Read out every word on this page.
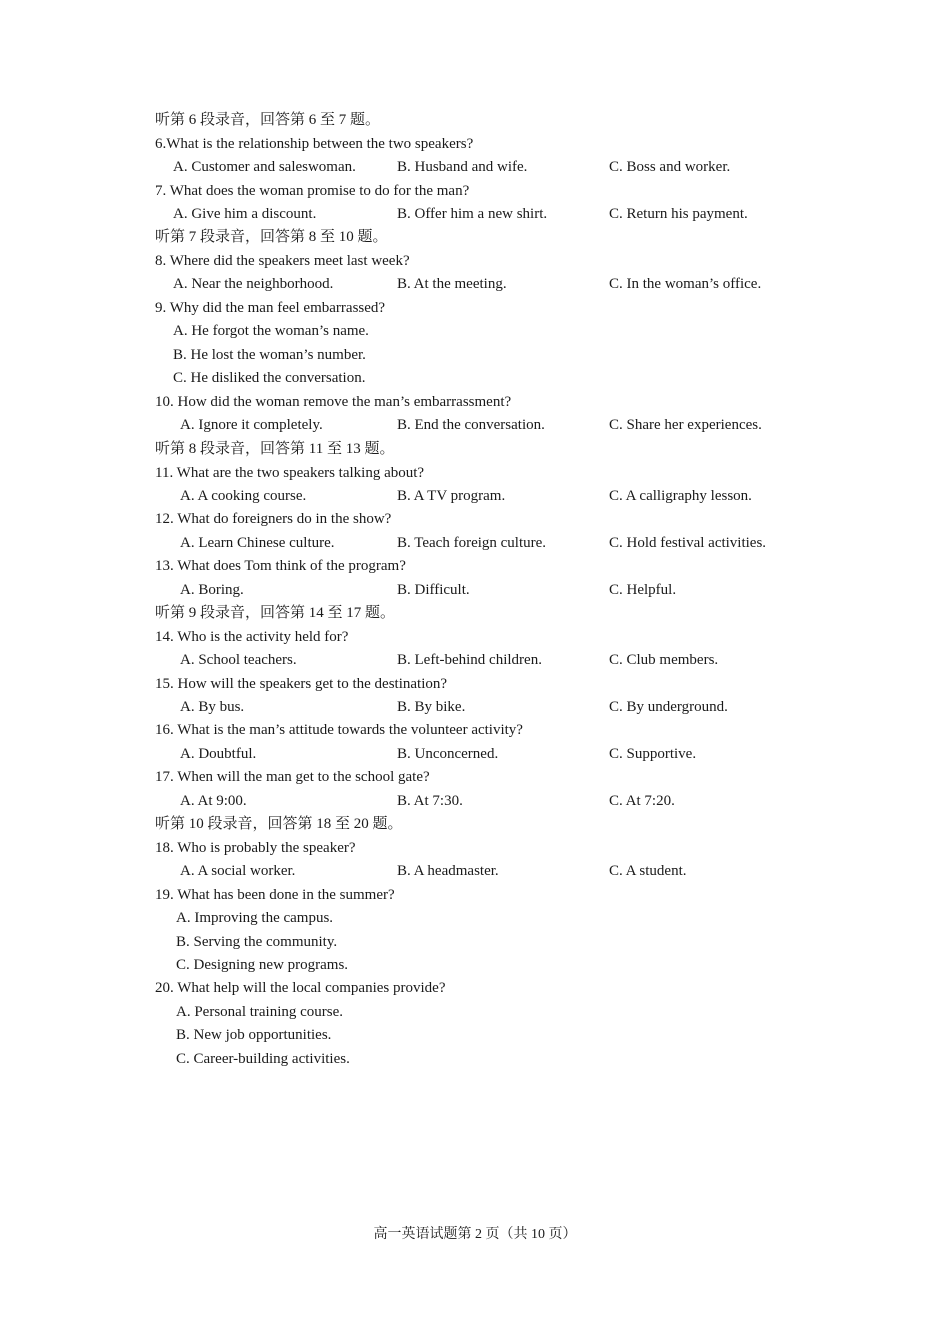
听第 6 段录音，回答第 6 至 7 题。
6.What is the relationship between the two speakers?
A. Customer and saleswoman.	B. Husband and wife.	C. Boss and worker.
7. What does the woman promise to do for the man?
A. Give him a discount.	B. Offer him a new shirt.	C. Return his payment.
听第 7 段录音，回答第 8 至 10 题。
8. Where did the speakers meet last week?
A. Near the neighborhood.	B. At the meeting.	C. In the woman’s office.
9. Why did the man feel embarrassed?
A. He forgot the woman’s name.
B. He lost the woman’s number.
C. He disliked the conversation.
10. How did the woman remove the man’s embarrassment?
A. Ignore it completely.	B. End the conversation.	C. Share her experiences.
听第 8 段录音，回答第 11 至 13 题。
11. What are the two speakers talking about?
A. A cooking course.	B. A TV program.	C. A calligraphy lesson.
12. What do foreigners do in the show?
A. Learn Chinese culture.	B. Teach foreign culture.	C. Hold festival activities.
13. What does Tom think of the program?
A. Boring.	B. Difficult.	C. Helpful.
听第 9 段录音，回答第 14 至 17 题。
14. Who is the activity held for?
A. School teachers.	B. Left-behind children.	C. Club members.
15. How will the speakers get to the destination?
A. By bus.	B. By bike.	C. By underground.
16. What is the man’s attitude towards the volunteer activity?
A. Doubtful.	B. Unconcerned.	C. Supportive.
17. When will the man get to the school gate?
A. At 9:00.	B. At 7:30.	C. At 7:20.
听第 10 段录音，回答第 18 至 20 题。
18. Who is probably the speaker?
A. A social worker.	B. A headmaster.	C. A student.
19. What has been done in the summer?
A. Improving the campus.
B. Serving the community.
C. Designing new programs.
20. What help will the local companies provide?
A. Personal training course.
B. New job opportunities.
C. Career-building activities.
高一英语试题第 2 页（共 10 页）
